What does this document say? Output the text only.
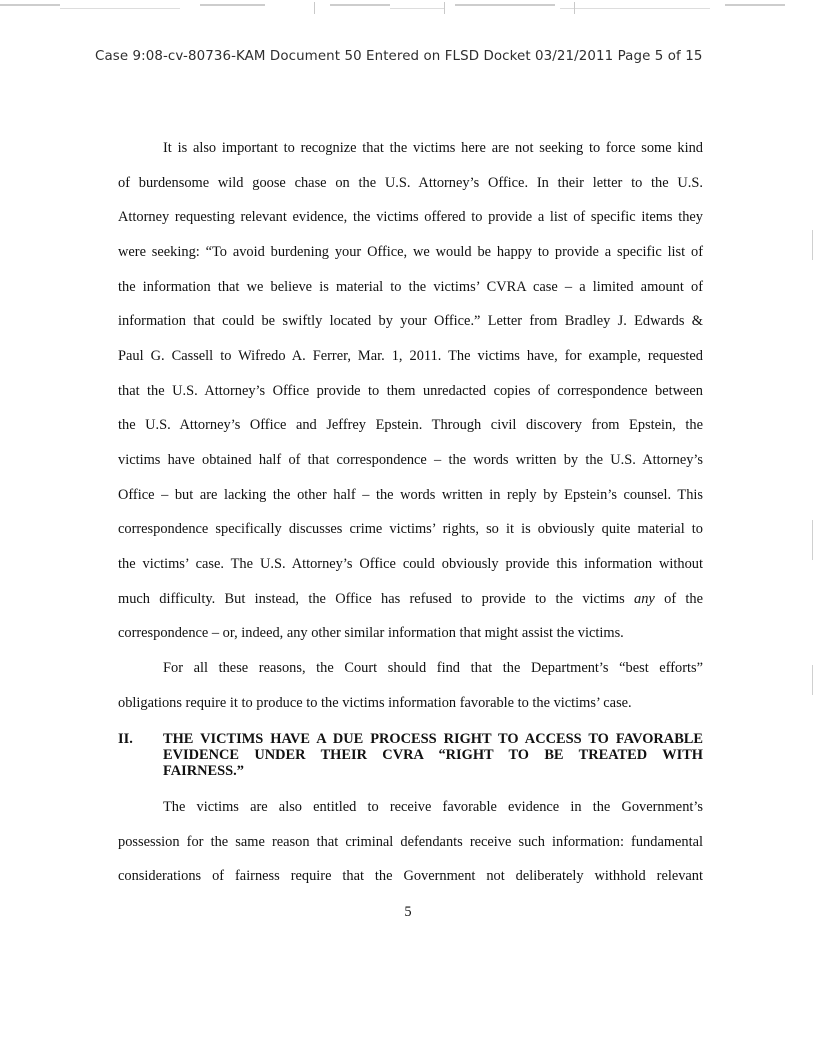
Case 9:08-cv-80736-KAM Document 50 Entered on FLSD Docket 03/21/2011 Page 5 of 15
It is also important to recognize that the victims here are not seeking to force some kind
of burdensome wild goose chase on the U.S. Attorney’s Office. In their letter to the U.S.
Attorney requesting relevant evidence, the victims offered to provide a list of specific items they
were seeking: “To avoid burdening your Office, we would be happy to provide a specific list of
the information that we believe is material to the victims’ CVRA case – a limited amount of
information that could be swiftly located by your Office.” Letter from Bradley J. Edwards &
Paul G. Cassell to Wifredo A. Ferrer, Mar. 1, 2011. The victims have, for example, requested
that the U.S. Attorney’s Office provide to them unredacted copies of correspondence between
the U.S. Attorney’s Office and Jeffrey Epstein. Through civil discovery from Epstein, the
victims have obtained half of that correspondence – the words written by the U.S. Attorney’s
Office – but are lacking the other half – the words written in reply by Epstein’s counsel. This
correspondence specifically discusses crime victims’ rights, so it is obviously quite material to
the victims’ case. The U.S. Attorney’s Office could obviously provide this information without
much difficulty. But instead, the Office has refused to provide to the victims any of the
correspondence – or, indeed, any other similar information that might assist the victims.
For all these reasons, the Court should find that the Department’s “best efforts”
obligations require it to produce to the victims information favorable to the victims’ case.
II. THE VICTIMS HAVE A DUE PROCESS RIGHT TO ACCESS TO FAVORABLE
EVIDENCE UNDER THEIR CVRA “RIGHT TO BE TREATED WITH
FAIRNESS.”
The victims are also entitled to receive favorable evidence in the Government’s
possession for the same reason that criminal defendants receive such information: fundamental
considerations of fairness require that the Government not deliberately withhold relevant
5
